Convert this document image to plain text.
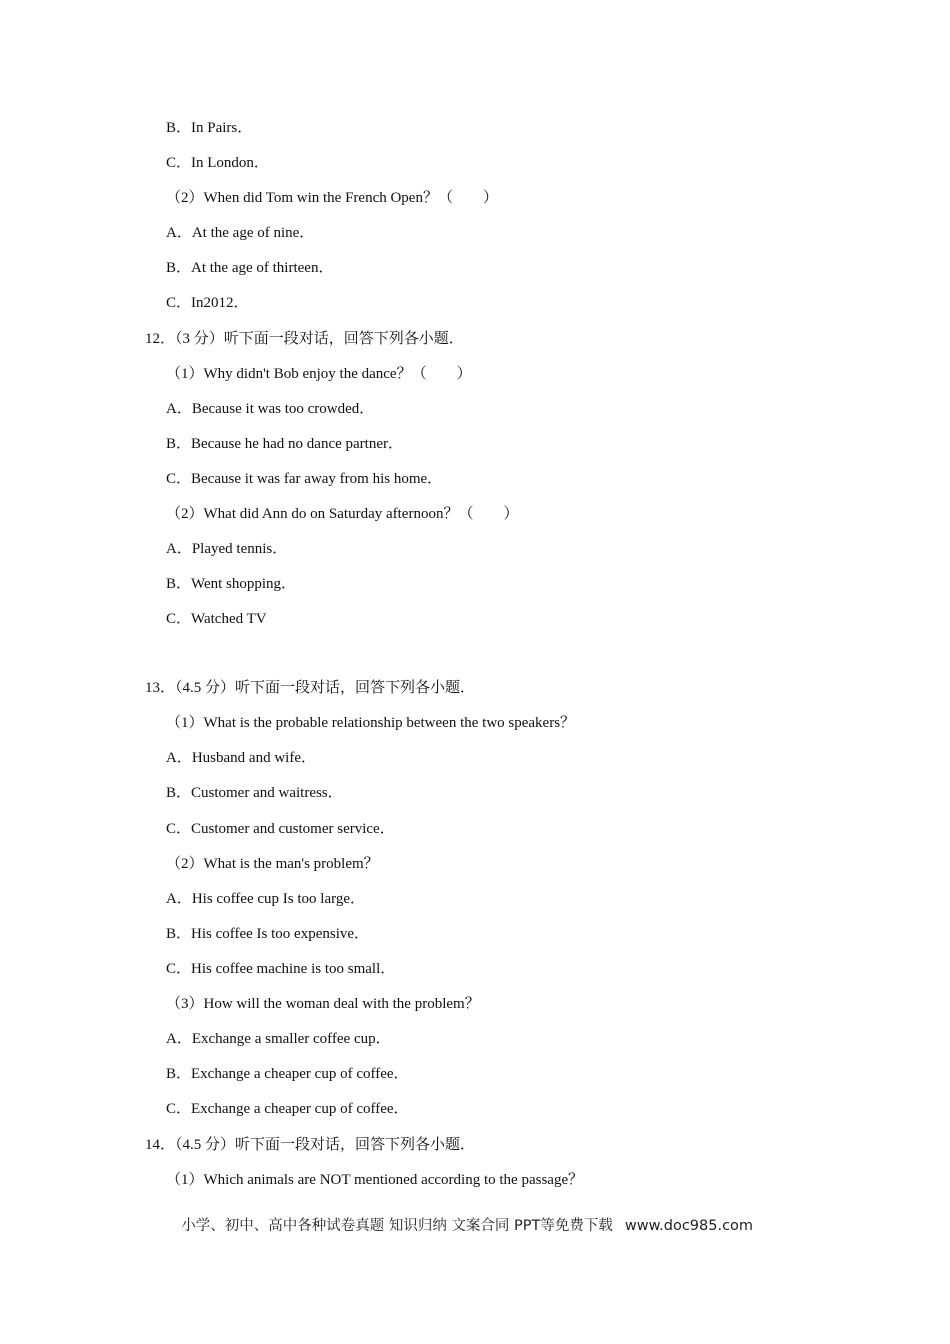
B．In Pairs．
C．In London．
（2）When did Tom win the French Open？（　　）
A．At the age of nine．
B．At the age of thirteen．
C．In2012．
12．（3 分）听下面一段对话，回答下列各小题．
（1）Why didn't Bob enjoy the dance？（　　）
A．Because it was too crowded．
B．Because he had no dance partner．
C．Because it was far away from his home．
（2）What did Ann do on Saturday afternoon？（　　）
A．Played tennis．
B．Went shopping．
C．Watched TV
13．（4.5 分）听下面一段对话，回答下列各小题．
（1）What is the probable relationship between the two speakers？
A．Husband and wife．
B．Customer and waitress．
C．Customer and customer service．
（2）What is the man's problem？
A．His coffee cup Is too large．
B．His coffee Is too expensive．
C．His coffee machine is too small．
（3）How will the woman deal with the problem？
A．Exchange a smaller coffee cup．
B．Exchange a cheaper cup of coffee．
C．Exchange a cheaper cup of coffee．
14．（4.5 分）听下面一段对话，回答下列各小题．
（1）Which animals are NOT mentioned according to the passage？

小学、初中、高中各种试卷真题 知识归纳 文案合同 PPT等免费下载 www.doc985.com
